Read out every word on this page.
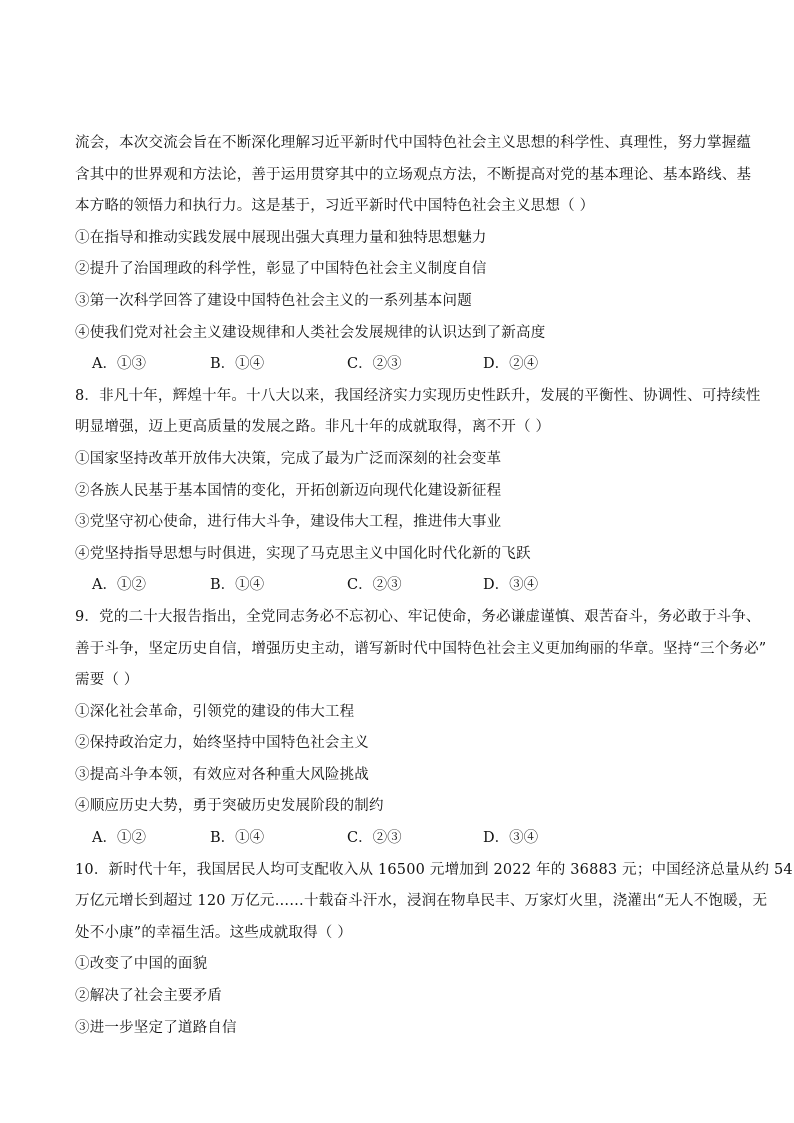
流会，本次交流会旨在不断深化理解习近平新时代中国特色社会主义思想的科学性、真理性，努力掌握蕴
含其中的世界观和方法论，善于运用贯穿其中的立场观点方法，不断提高对党的基本理论、基本路线、基
本方略的领悟力和执行力。这是基于，习近平新时代中国特色社会主义思想（ ）
①在指导和推动实践发展中展现出强大真理力量和独特思想魅力
②提升了治国理政的科学性，彰显了中国特色社会主义制度自信
③第一次科学回答了建设中国特色社会主义的一系列基本问题
④使我们党对社会主义建设规律和人类社会发展规律的认识达到了新高度
A．①③	B．①④	C．②③	D．②④
8．非凡十年，辉煌十年。十八大以来，我国经济实力实现历史性跃升，发展的平衡性、协调性、可持续性
明显增强，迈上更高质量的发展之路。非凡十年的成就取得，离不开（ ）
①国家坚持改革开放伟大决策，完成了最为广泛而深刻的社会变革
②各族人民基于基本国情的变化，开拓创新迈向现代化建设新征程
③党坚守初心使命，进行伟大斗争，建设伟大工程，推进伟大事业
④党坚持指导思想与时俱进，实现了马克思主义中国化时代化新的飞跃
A．①②	B．①④	C．②③	D．③④
9．党的二十大报告指出，全党同志务必不忘初心、牢记使命，务必谦虚谨慎、艰苦奋斗，务必敢于斗争、
善于斗争，坚定历史自信，增强历史主动，谱写新时代中国特色社会主义更加绚丽的华章。坚持“三个务必”
需要（ ）
①深化社会革命，引领党的建设的伟大工程
②保持政治定力，始终坚持中国特色社会主义
③提高斗争本领，有效应对各种重大风险挑战
④顺应历史大势，勇于突破历史发展阶段的制约
A．①②	B．①④	C．②③	D．③④
10．新时代十年，我国居民人均可支配收入从 16500 元增加到 2022 年的 36883 元；中国经济总量从约 54
万亿元增长到超过 120 万亿元……十载奋斗汗水，浸润在物阜民丰、万家灯火里，浇灌出“无人不饱暖，无
处不小康”的幸福生活。这些成就取得（ ）
①改变了中国的面貌
②解决了社会主要矛盾
③进一步坚定了道路自信
